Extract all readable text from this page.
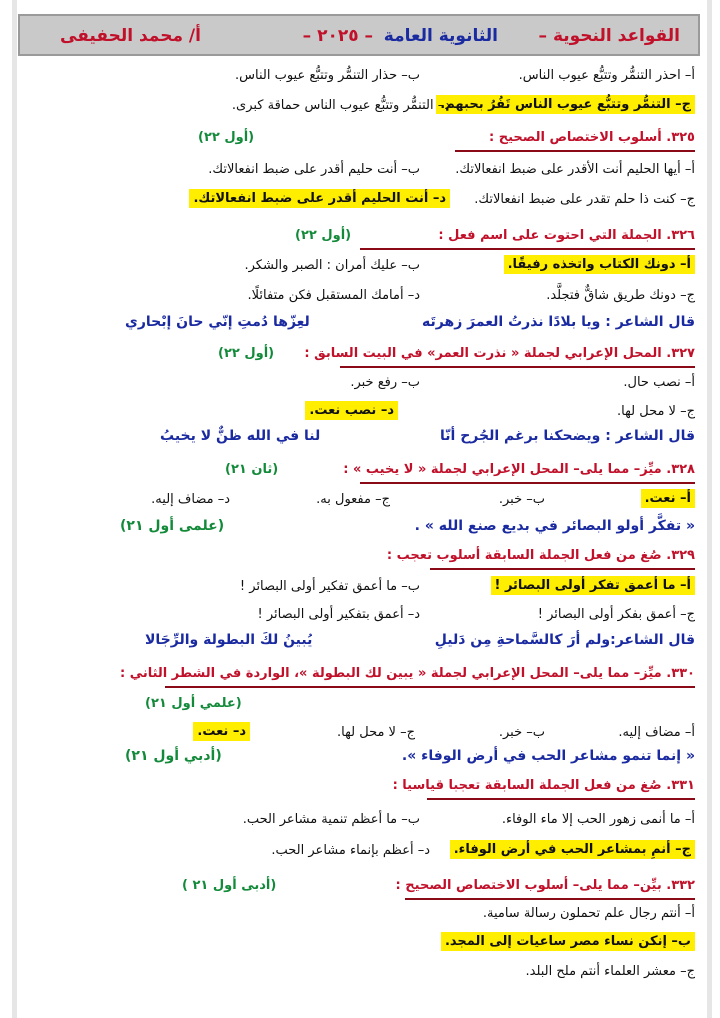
القواعد النحوية –
الثانوية العامة
– ٢٠٢٥ –
أ/ محمد الحفيفى
أ– احذر التنمُّر وتتبُّع عيوب الناس.
ب– حذار التنمُّر وتتبُّع عيوب الناس.
ج– التنمُّر وتتبُّع عيوب الناس تَفُرُ بحبهم.
د– التنمُّر وتتبُّع عيوب الناس حماقة كبرى.
٣٢٥. أسلوب الاختصاص الصحيح :
(أول ٢٢)
أ– أيها الحليم أنت الأقدر على ضبط انفعالاتك.
ب– أنت حليم أقدر على ضبط انفعالاتك.
ج– كنت ذا حلم تقدر على ضبط انفعالاتك.
د– أنت الحليم أقدر على ضبط انفعالاتك.
٣٢٦. الجملة التي احتوت على اسم فعل :
(أول ٢٢)
أ– دونك الكتاب واتخذه رفيقًا.
ب– عليك أمران : الصبر والشكر.
ج– دونك طريق شاقٌّ فتجلَّد.
د– أمامك المستقبل فكن متفائلًا.
قال الشاعر : ويا بلادًا نذرتُ العمرَ زهرتَه
لعِزّها دُمتِ إنّي حانَ إبْحاري
٣٢٧. المحل الإعرابي لجملة « نذرت العمر» في البيت السابق :
(أول ٢٢)
أ– نصب حال.
ب– رفع خبر.
ج– لا محل لها.
د– نصب نعت.
قال الشاعر : ويضحكنا برغم الجُرح أنّا
لنا في الله ظنٌّ لا يخيبُ
٣٢٨. ميِّز– مما يلى– المحل الإعرابي لجملة « لا يخيب » :
(ثان ٢١)
أ– نعت.
ب– خبر.
ج– مفعول به.
د– مضاف إليه.
« تفكَّر أولو البصائر في بديع صنع الله » .
(علمى أول ٢١)
٣٢٩. صُغ من فعل الجملة السابقة أسلوب تعجب :
أ– ما أعمق تفكر أولى البصائر !
ب– ما أعمق تفكير أولى البصائر !
ج– أعمق بفكر أولى البصائر !
د– أعمق بتفكير أولى البصائر !
قال الشاعر:ولم أرَ كالسَّماحةِ مِن دَليلِ
يُبينُ لكَ البطولة والرِّجَالا
٣٣٠. ميِّز– مما يلى– المحل الإعرابي لجملة « يبين لك البطولة »، الواردة في الشطر الثاني :
(علمي أول ٢١)
أ– مضاف إليه.
ب– خبر.
ج– لا محل لها.
د– نعت.
« إنما تنمو مشاعر الحب في أرض الوفاء ».
(أدبي أول ٢١)
٣٣١. صُغ من فعل الجملة السابقة تعجبا قياسيا :
أ– ما أنمى زهور الحب إلا ماء الوفاء.
ب– ما أعظم تنمية مشاعر الحب.
ج– أنمِ بمشاعر الحب في أرض الوفاء.
د– أعظم بإنماء مشاعر الحب.
٣٣٢. بيِّن– مما يلى– أسلوب الاختصاص الصحيح :
( أدبى أول ٢١)
أ– أنتم رجال علم تحملون رسالة سامية.
ب– إنكن نساء مصر ساعيات إلى المجد.
ج– معشر العلماء أنتم ملح البلد.
